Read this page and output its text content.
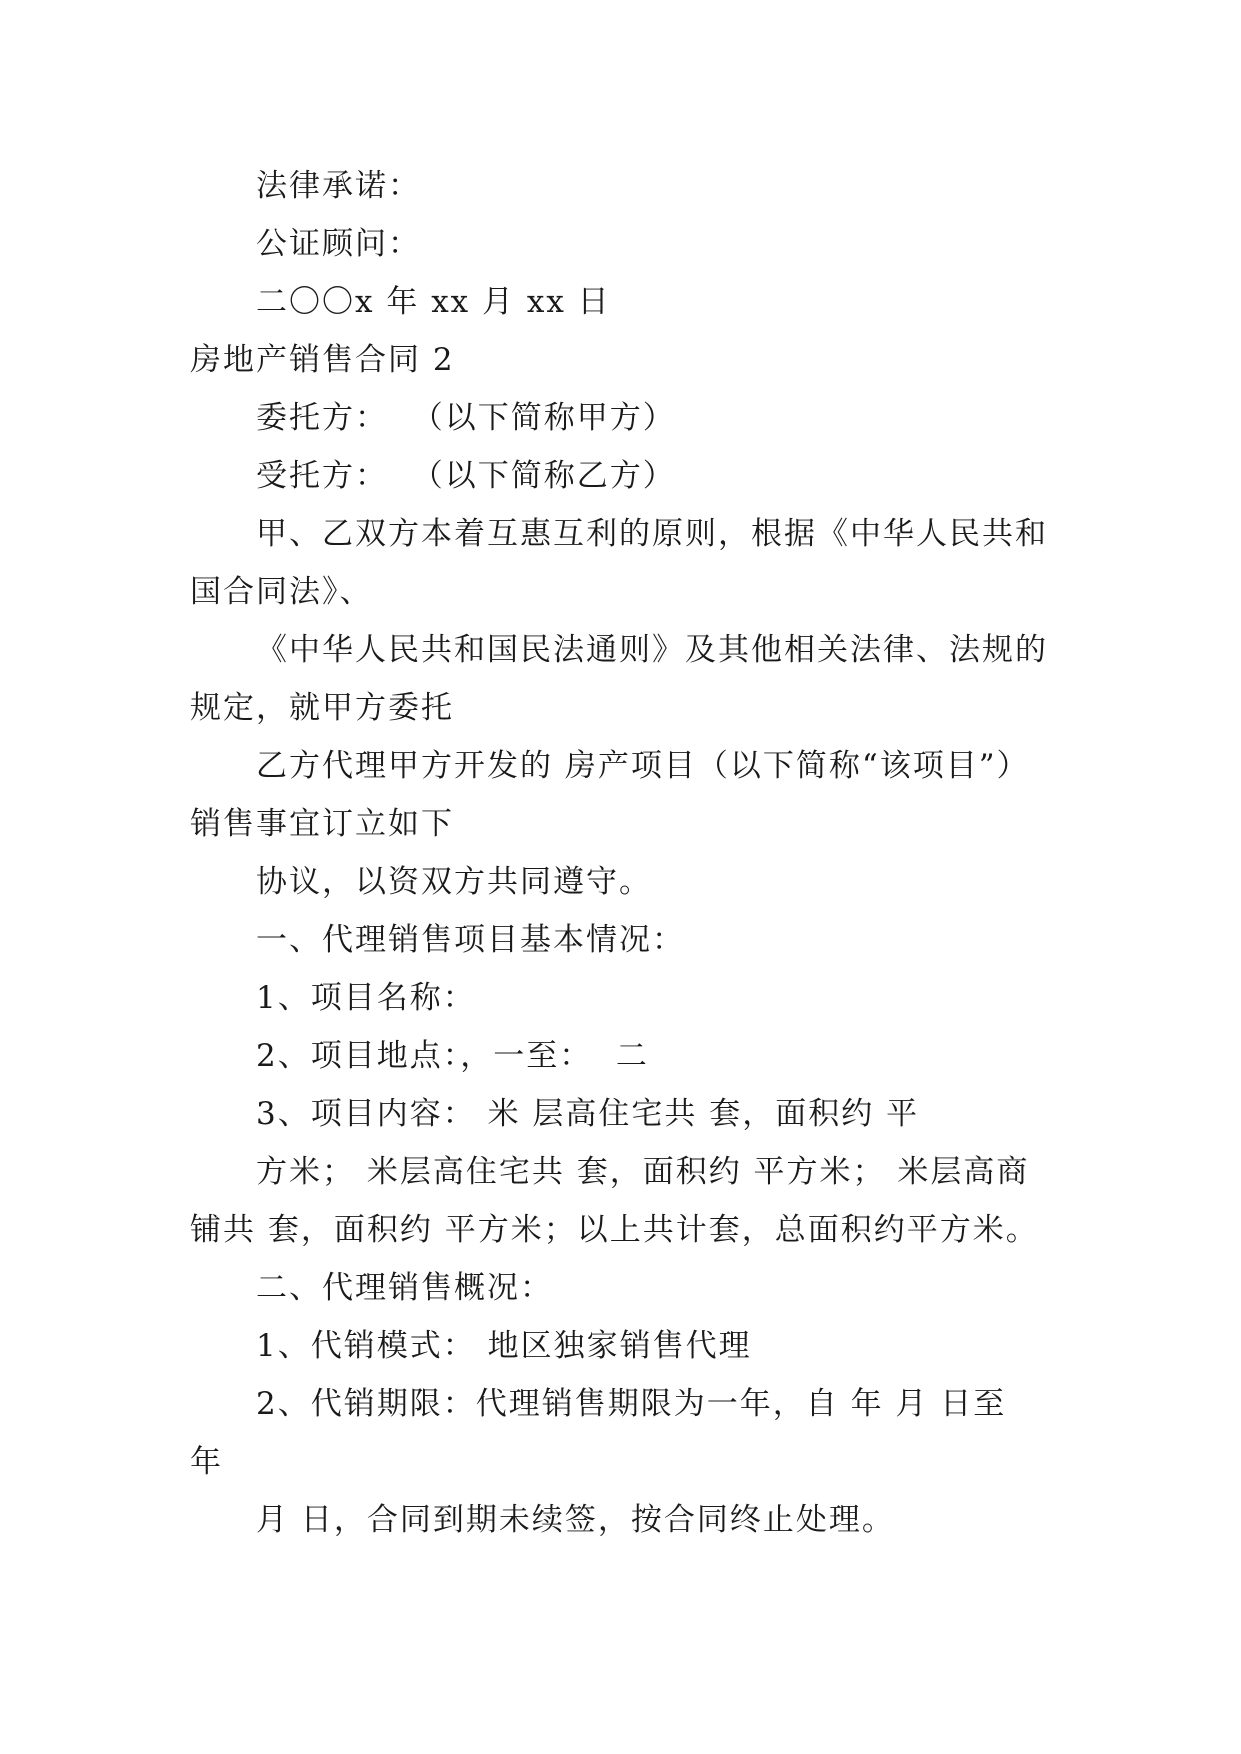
法律承诺：
公证顾问：
二〇〇x 年 xx 月 xx 日
房地产销售合同 2
委托方：  （以下简称甲方）
受托方：  （以下简称乙方）
甲、乙双方本着互惠互利的原则，根据《中华人民共和
国合同法》、
《中华人民共和国民法通则》及其他相关法律、法规的
规定，就甲方委托
乙方代理甲方开发的 房产项目（以下简称“该项目”）
销售事宜订立如下
协议，以资双方共同遵守。
一、代理销售项目基本情况：
1、项目名称：
2、项目地点：，一至：  二
3、项目内容： 米 层高住宅共 套，面积约 平
方米； 米层高住宅共 套，面积约 平方米； 米层高商
铺共 套，面积约 平方米；以上共计套，总面积约平方米。
二、代理销售概况：
1、代销模式： 地区独家销售代理
2、代销期限：代理销售期限为一年，自 年 月 日至
年
月 日，合同到期未续签，按合同终止处理。
